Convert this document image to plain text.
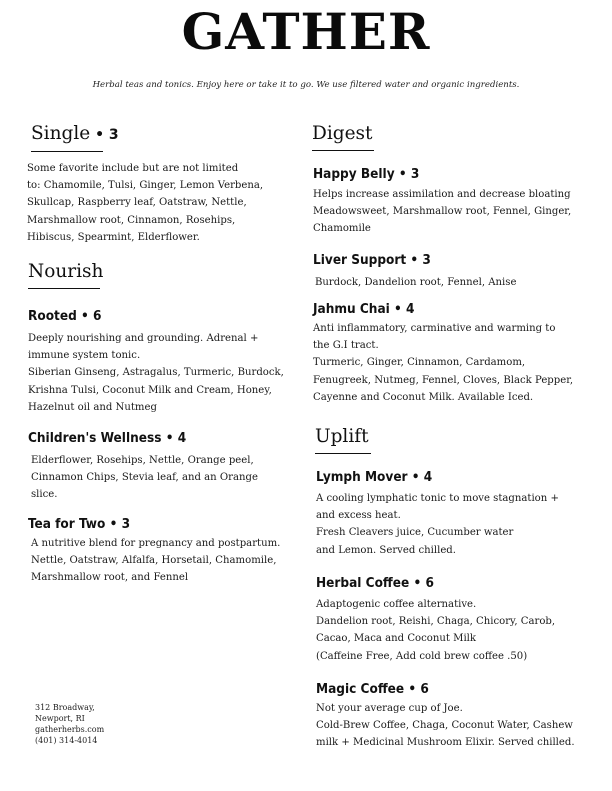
GATHER
Herbal teas and tonics. Enjoy here or take it to go. We use filtered water and organic ingredients.
Single • 3
Some favorite include but are not limited
to: Chamomile, Tulsi, Ginger, Lemon Verbena,
Skullcap, Raspberry leaf, Oatstraw, Nettle,
Marshmallow root, Cinnamon, Rosehips,
Hibiscus, Spearmint, Elderflower.
Nourish
Rooted • 6
Deeply nourishing and grounding. Adrenal +
immune system tonic.
Siberian Ginseng, Astragalus, Turmeric, Burdock,
Krishna Tulsi, Coconut Milk and Cream, Honey,
Hazelnut oil and Nutmeg
Children's Wellness • 4
Elderflower, Rosehips, Nettle, Orange peel,
Cinnamon Chips, Stevia leaf, and an Orange
slice.
Tea for Two • 3
A nutritive blend for pregnancy and postpartum.
Nettle, Oatstraw, Alfalfa, Horsetail, Chamomile,
Marshmallow root, and Fennel
Digest
Happy Belly • 3
Helps increase assimilation and decrease bloating
Meadowsweet, Marshmallow root, Fennel, Ginger,
Chamomile
Liver Support • 3
Burdock, Dandelion root, Fennel, Anise
Jahmu Chai • 4
Anti inflammatory, carminative and warming to
the G.I tract.
Turmeric, Ginger, Cinnamon, Cardamom,
Fenugreek, Nutmeg, Fennel, Cloves, Black Pepper,
Cayenne and Coconut Milk. Available Iced.
Uplift
Lymph Mover • 4
A cooling lymphatic tonic to move stagnation +
and excess heat.
Fresh Cleavers juice, Cucumber water
and Lemon. Served chilled.
Herbal Coffee • 6
Adaptogenic coffee alternative.
Dandelion root, Reishi, Chaga, Chicory, Carob,
Cacao, Maca and Coconut Milk
(Caffeine Free, Add cold brew coffee .50)
Magic Coffee • 6
Not your average cup of Joe.
Cold-Brew Coffee, Chaga, Coconut Water, Cashew
milk + Medicinal Mushroom Elixir. Served chilled.
312 Broadway,
Newport, RI
gatherherbs.com
(401) 314-4014
